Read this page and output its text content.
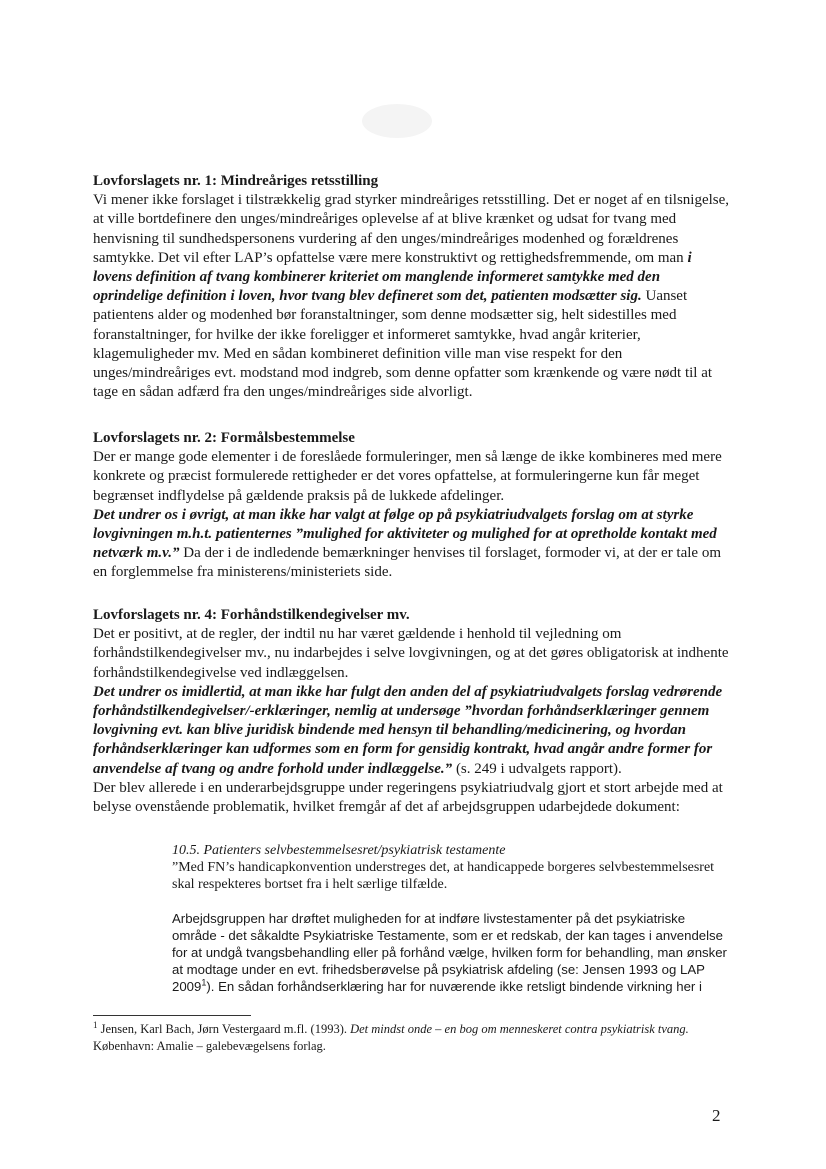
Lovforslagets nr. 1: Mindreåriges retsstilling

Vi mener ikke forslaget i tilstrækkelig grad styrker mindreåriges retsstilling. Det er noget af en tilsnigelse, at ville bortdefinere den unges/mindreåriges oplevelse af at blive krænket og udsat for tvang med henvisning til sundhedspersonens vurdering af den unges/mindreåriges modenhed og forældrenes samtykke. Det vil efter LAP’s opfattelse være mere konstruktivt og rettighedsfremmende, om man i lovens definition af tvang kombinerer kriteriet om manglende informeret samtykke med den oprindelige definition i loven, hvor tvang blev defineret som det, patienten modsætter sig. Uanset patientens alder og modenhed bør foranstaltninger, som denne modsætter sig, helt sidestilles med foranstaltninger, for hvilke der ikke foreligger et informeret samtykke, hvad angår kriterier, klagemuligheder mv. Med en sådan kombineret definition ville man vise respekt for den unges/mindreåriges evt. modstand mod indgreb, som denne opfatter som krænkende og være nødt til at tage en sådan adfærd fra den unges/mindreåriges side alvorligt.

Lovforslagets nr. 2: Formålsbestemmelse

Der er mange gode elementer i de foreslåede formuleringer, men så længe de ikke kombineres med mere konkrete og præcist formulerede rettigheder er det vores opfattelse, at formuleringerne kun får meget begrænset indflydelse på gældende praksis på de lukkede afdelinger.

Det undrer os i øvrigt, at man ikke har valgt at følge op på psykiatriudvalgets forslag om at styrke lovgivningen m.h.t. patienternes ”mulighed for aktiviteter og mulighed for at opretholde kontakt med netværk m.v.” Da der i de indledende bemærkninger henvises til forslaget, formoder vi, at der er tale om en forglemmelse fra ministerens/ministeriets side.

Lovforslagets nr. 4: Forhåndstilkendegivelser mv.

Det er positivt, at de regler, der indtil nu har været gældende i henhold til vejledning om forhåndstilkendegivelser mv., nu indarbejdes i selve lovgivningen, og at det gøres obligatorisk at indhente forhåndstilkendegivelse ved indlæggelsen.

Det undrer os imidlertid, at man ikke har fulgt den anden del af psykiatriudvalgets forslag vedrørende forhåndstilkendegivelser/-erklæringer, nemlig at undersøge ”hvordan forhåndserklæringer gennem lovgivning evt. kan blive juridisk bindende med hensyn til behandling/medicinering, og hvordan forhåndserklæringer kan udformes som en form for gensidig kontrakt, hvad angår andre former for anvendelse af tvang og andre forhold under indlæggelse.” (s. 249 i udvalgets rapport).

Der blev allerede i en underarbejdsgruppe under regeringens psykiatriudvalg gjort et stort arbejde med at belyse ovenstående problematik, hvilket fremgår af det af arbejdsgruppen udarbejdede dokument:

10.5. Patienters selvbestemmelsesret/psykiatrisk testamente

”Med FN’s handicapkonvention understreges det, at handicappede borgeres selvbestemmelsesret skal respekteres bortset fra i helt særlige tilfælde.

Arbejdsgruppen har drøftet muligheden for at indføre livstestamenter på det psykiatriske område - det såkaldte Psykiatriske Testamente, som er et redskab, der kan tages i anvendelse for at undgå tvangsbehandling eller på forhånd vælge, hvilken form for behandling, man ønsker at modtage under en evt. frihedsberøvelse på psykiatrisk afdeling (se: Jensen 1993 og LAP 2009$^1$). En sådan forhåndserklæring har for nuværende ikke retsligt bindende virkning her i

$^1$ Jensen, Karl Bach, Jørn Vestergaard m.fl. (1993). Det mindst onde – en bog om menneskeret contra psykiatrisk tvang.

København: Amalie – galebevægelsens forlag.

2
